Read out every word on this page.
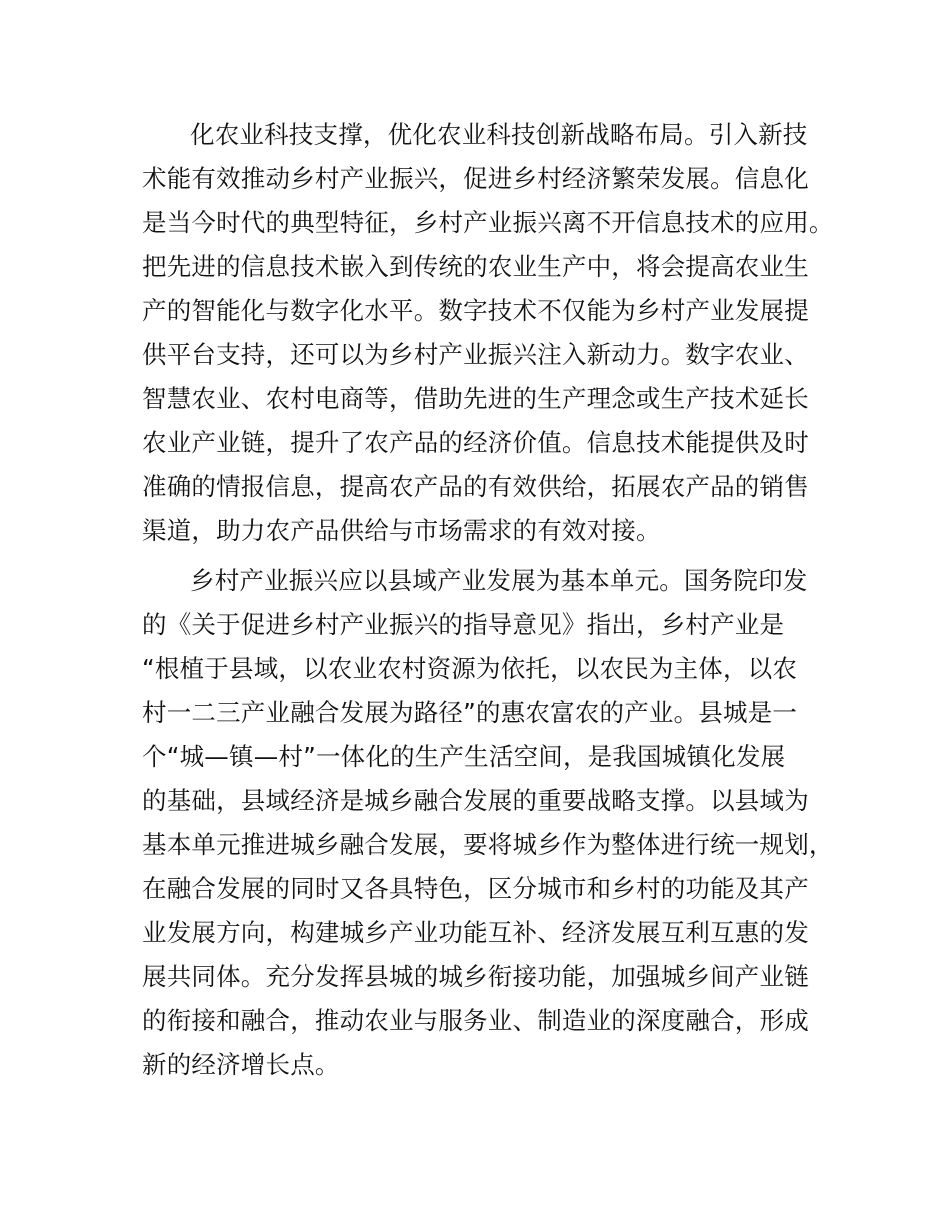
化农业科技支撑，优化农业科技创新战略布局。引入新技
术能有效推动乡村产业振兴，促进乡村经济繁荣发展。信息化
是当今时代的典型特征，乡村产业振兴离不开信息技术的应用。
把先进的信息技术嵌入到传统的农业生产中，将会提高农业生
产的智能化与数字化水平。数字技术不仅能为乡村产业发展提
供平台支持，还可以为乡村产业振兴注入新动力。数字农业、
智慧农业、农村电商等，借助先进的生产理念或生产技术延长
农业产业链，提升了农产品的经济价值。信息技术能提供及时
准确的情报信息，提高农产品的有效供给，拓展农产品的销售
渠道，助力农产品供给与市场需求的有效对接。
乡村产业振兴应以县域产业发展为基本单元。国务院印发
的《关于促进乡村产业振兴的指导意见》指出，乡村产业是
“根植于县域，以农业农村资源为依托，以农民为主体，以农
村一二三产业融合发展为路径”的惠农富农的产业。县城是一
个“城—镇—村”一体化的生产生活空间，是我国城镇化发展
的基础，县域经济是城乡融合发展的重要战略支撑。以县域为
基本单元推进城乡融合发展，要将城乡作为整体进行统一规划，
在融合发展的同时又各具特色，区分城市和乡村的功能及其产
业发展方向，构建城乡产业功能互补、经济发展互利互惠的发
展共同体。充分发挥县城的城乡衔接功能，加强城乡间产业链
的衔接和融合，推动农业与服务业、制造业的深度融合，形成
新的经济增长点。
